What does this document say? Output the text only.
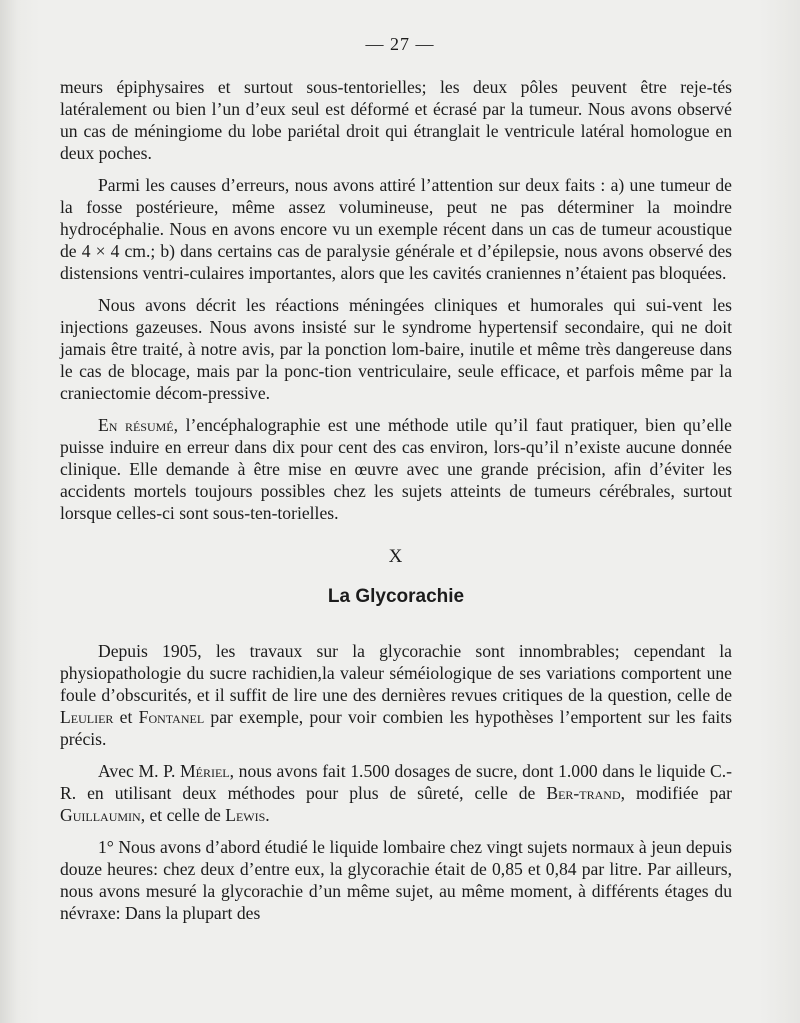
— 27 —

meurs épiphysaires et surtout sous-tentorielles; les deux pôles peuvent être reje-tés latéralement ou bien l’un d’eux seul est déformé et écrasé par la tumeur. Nous avons observé un cas de méningiome du lobe pariétal droit qui étranglait le ventricule latéral homologue en deux poches.

Parmi les causes d’erreurs, nous avons attiré l’attention sur deux faits : a) une tumeur de la fosse postérieure, même assez volumineuse, peut ne pas déterminer la moindre hydrocéphalie. Nous en avons encore vu un exemple récent dans un cas de tumeur acoustique de 4 × 4 cm.; b) dans certains cas de paralysie générale et d’épilepsie, nous avons observé des distensions ventri-culaires importantes, alors que les cavités craniennes n’étaient pas bloquées.

Nous avons décrit les réactions méningées cliniques et humorales qui sui-vent les injections gazeuses. Nous avons insisté sur le syndrome hypertensif secondaire, qui ne doit jamais être traité, à notre avis, par la ponction lom-baire, inutile et même très dangereuse dans le cas de blocage, mais par la ponc-tion ventriculaire, seule efficace, et parfois même par la craniectomie décom-pressive.

En résumé, l’encéphalographie est une méthode utile qu’il faut pratiquer, bien qu’elle puisse induire en erreur dans dix pour cent des cas environ, lors-qu’il n’existe aucune donnée clinique. Elle demande à être mise en œuvre avec une grande précision, afin d’éviter les accidents mortels toujours possibles chez les sujets atteints de tumeurs cérébrales, surtout lorsque celles-ci sont sous-ten-torielles.

X
La Glycorachie

Depuis 1905, les travaux sur la glycorachie sont innombrables; cependant la physiopathologie du sucre rachidien,la valeur séméiologique de ses variations comportent une foule d’obscurités, et il suffit de lire une des dernières revues critiques de la question, celle de Leulier et Fontanel par exemple, pour voir combien les hypothèses l’emportent sur les faits précis.

Avec M. P. Mériel, nous avons fait 1.500 dosages de sucre, dont 1.000 dans le liquide C.-R. en utilisant deux méthodes pour plus de sûreté, celle de Ber-trand, modifiée par Guillaumin, et celle de Lewis.

1° Nous avons d’abord étudié le liquide lombaire chez vingt sujets normaux à jeun depuis douze heures: chez deux d’entre eux, la glycorachie était de 0,85 et 0,84 par litre. Par ailleurs, nous avons mesuré la glycorachie d’un même sujet, au même moment, à différents étages du névraxe: Dans la plupart des
